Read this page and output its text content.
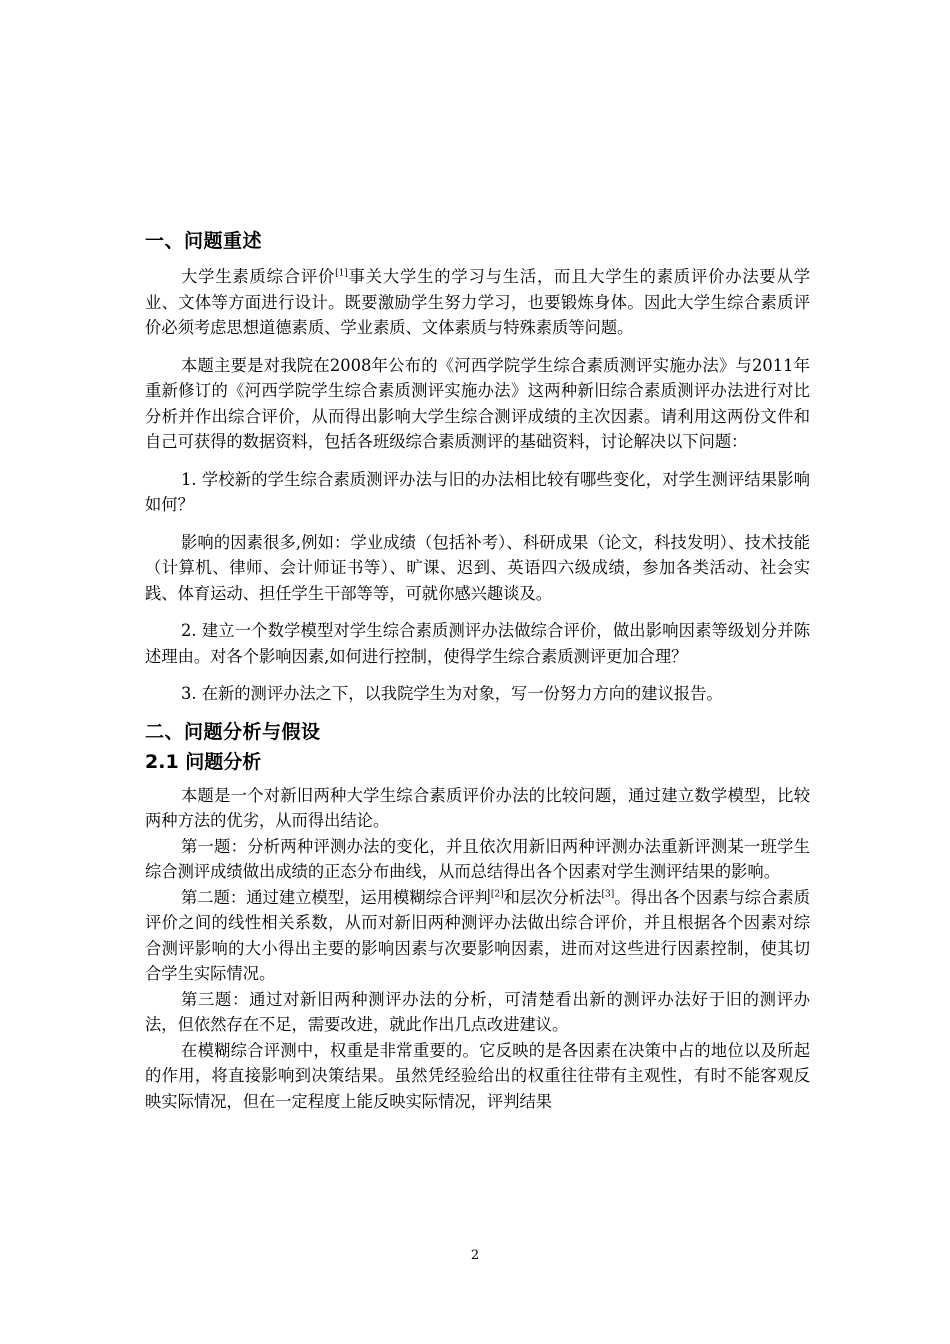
一、问题重述

大学生素质综合评价[1]事关大学生的学习与生活，而且大学生的素质评价办法要从学业、文体等方面进行设计。既要激励学生努力学习，也要锻炼身体。因此大学生综合素质评价必须考虑思想道德素质、学业素质、文体素质与特殊素质等问题。

本题主要是对我院在2008年公布的《河西学院学生综合素质测评实施办法》与2011年重新修订的《河西学院学生综合素质测评实施办法》这两种新旧综合素质测评办法进行对比分析并作出综合评价，从而得出影响大学生综合测评成绩的主次因素。请利用这两份文件和自己可获得的数据资料，包括各班级综合素质测评的基础资料，讨论解决以下问题：

1. 学校新的学生综合素质测评办法与旧的办法相比较有哪些变化，对学生测评结果影响如何？

影响的因素很多,例如：学业成绩（包括补考）、科研成果（论文，科技发明）、技术技能（计算机、律师、会计师证书等）、旷课、迟到、英语四六级成绩，参加各类活动、社会实践、体育运动、担任学生干部等等，可就你感兴趣谈及。

2. 建立一个数学模型对学生综合素质测评办法做综合评价，做出影响因素等级划分并陈述理由。对各个影响因素,如何进行控制，使得学生综合素质测评更加合理？

3. 在新的测评办法之下，以我院学生为对象，写一份努力方向的建议报告。

二、问题分析与假设
2.1 问题分析

本题是一个对新旧两种大学生综合素质评价办法的比较问题，通过建立数学模型，比较两种方法的优劣，从而得出结论。

第一题：分析两种评测办法的变化，并且依次用新旧两种评测办法重新评测某一班学生综合测评成绩做出成绩的正态分布曲线，从而总结得出各个因素对学生测评结果的影响。

第二题：通过建立模型，运用模糊综合评判[2]和层次分析法[3]。得出各个因素与综合素质评价之间的线性相关系数，从而对新旧两种测评办法做出综合评价，并且根据各个因素对综合测评影响的大小得出主要的影响因素与次要影响因素，进而对这些进行因素控制，使其切合学生实际情况。

第三题：通过对新旧两种测评办法的分析，可清楚看出新的测评办法好于旧的测评办法，但依然存在不足，需要改进，就此作出几点改进建议。

在模糊综合评测中，权重是非常重要的。它反映的是各因素在决策中占的地位以及所起的作用，将直接影响到决策结果。虽然凭经验给出的权重往往带有主观性，有时不能客观反映实际情况，但在一定程度上能反映实际情况，评判结果

2
